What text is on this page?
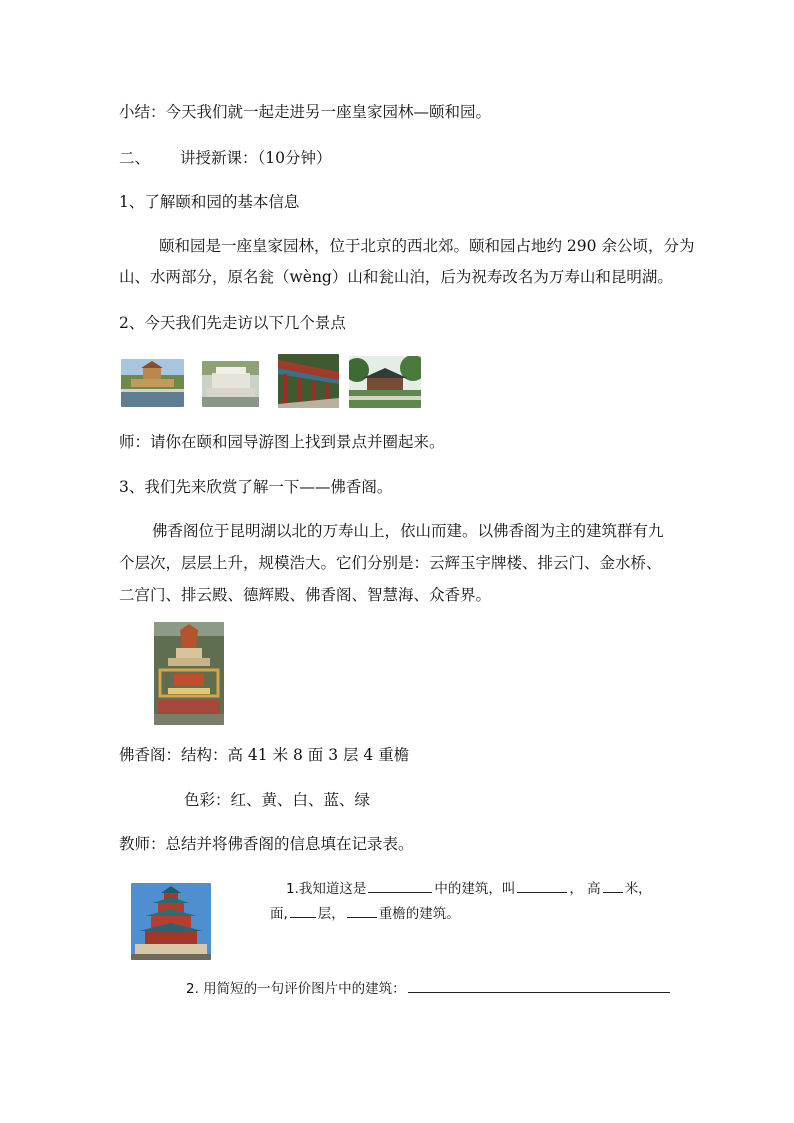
小结：今天我们就一起走进另一座皇家园林—颐和园。
二、 讲授新课：（10分钟）
1、了解颐和园的基本信息
颐和园是一座皇家园林，位于北京的西北郊。颐和园占地约 290 余公顷，分为
山、水两部分，原名瓮（wèng）山和瓮山泊，后为祝寿改名为万寿山和昆明湖。
2、今天我们先走访以下几个景点
师：请你在颐和园导游图上找到景点并圈起来。
3、我们先来欣赏了解一下——佛香阁。
佛香阁位于昆明湖以北的万寿山上，依山而建。以佛香阁为主的建筑群有九
个层次，层层上升，规模浩大。它们分别是：云辉玉宇牌楼、排云门、金水桥、
二宫门、排云殿、德辉殿、佛香阁、智慧海、众香界。
佛香阁：结构：高 41 米 8 面 3 层 4 重檐
色彩：红、黄、白、蓝、绿
教师：总结并将佛香阁的信息填在记录表。
1.我知道这是	中的建筑，叫	， 高 米，
面, 层，	重檐的建筑。
2. 用简短的一句评价图片中的建筑：
